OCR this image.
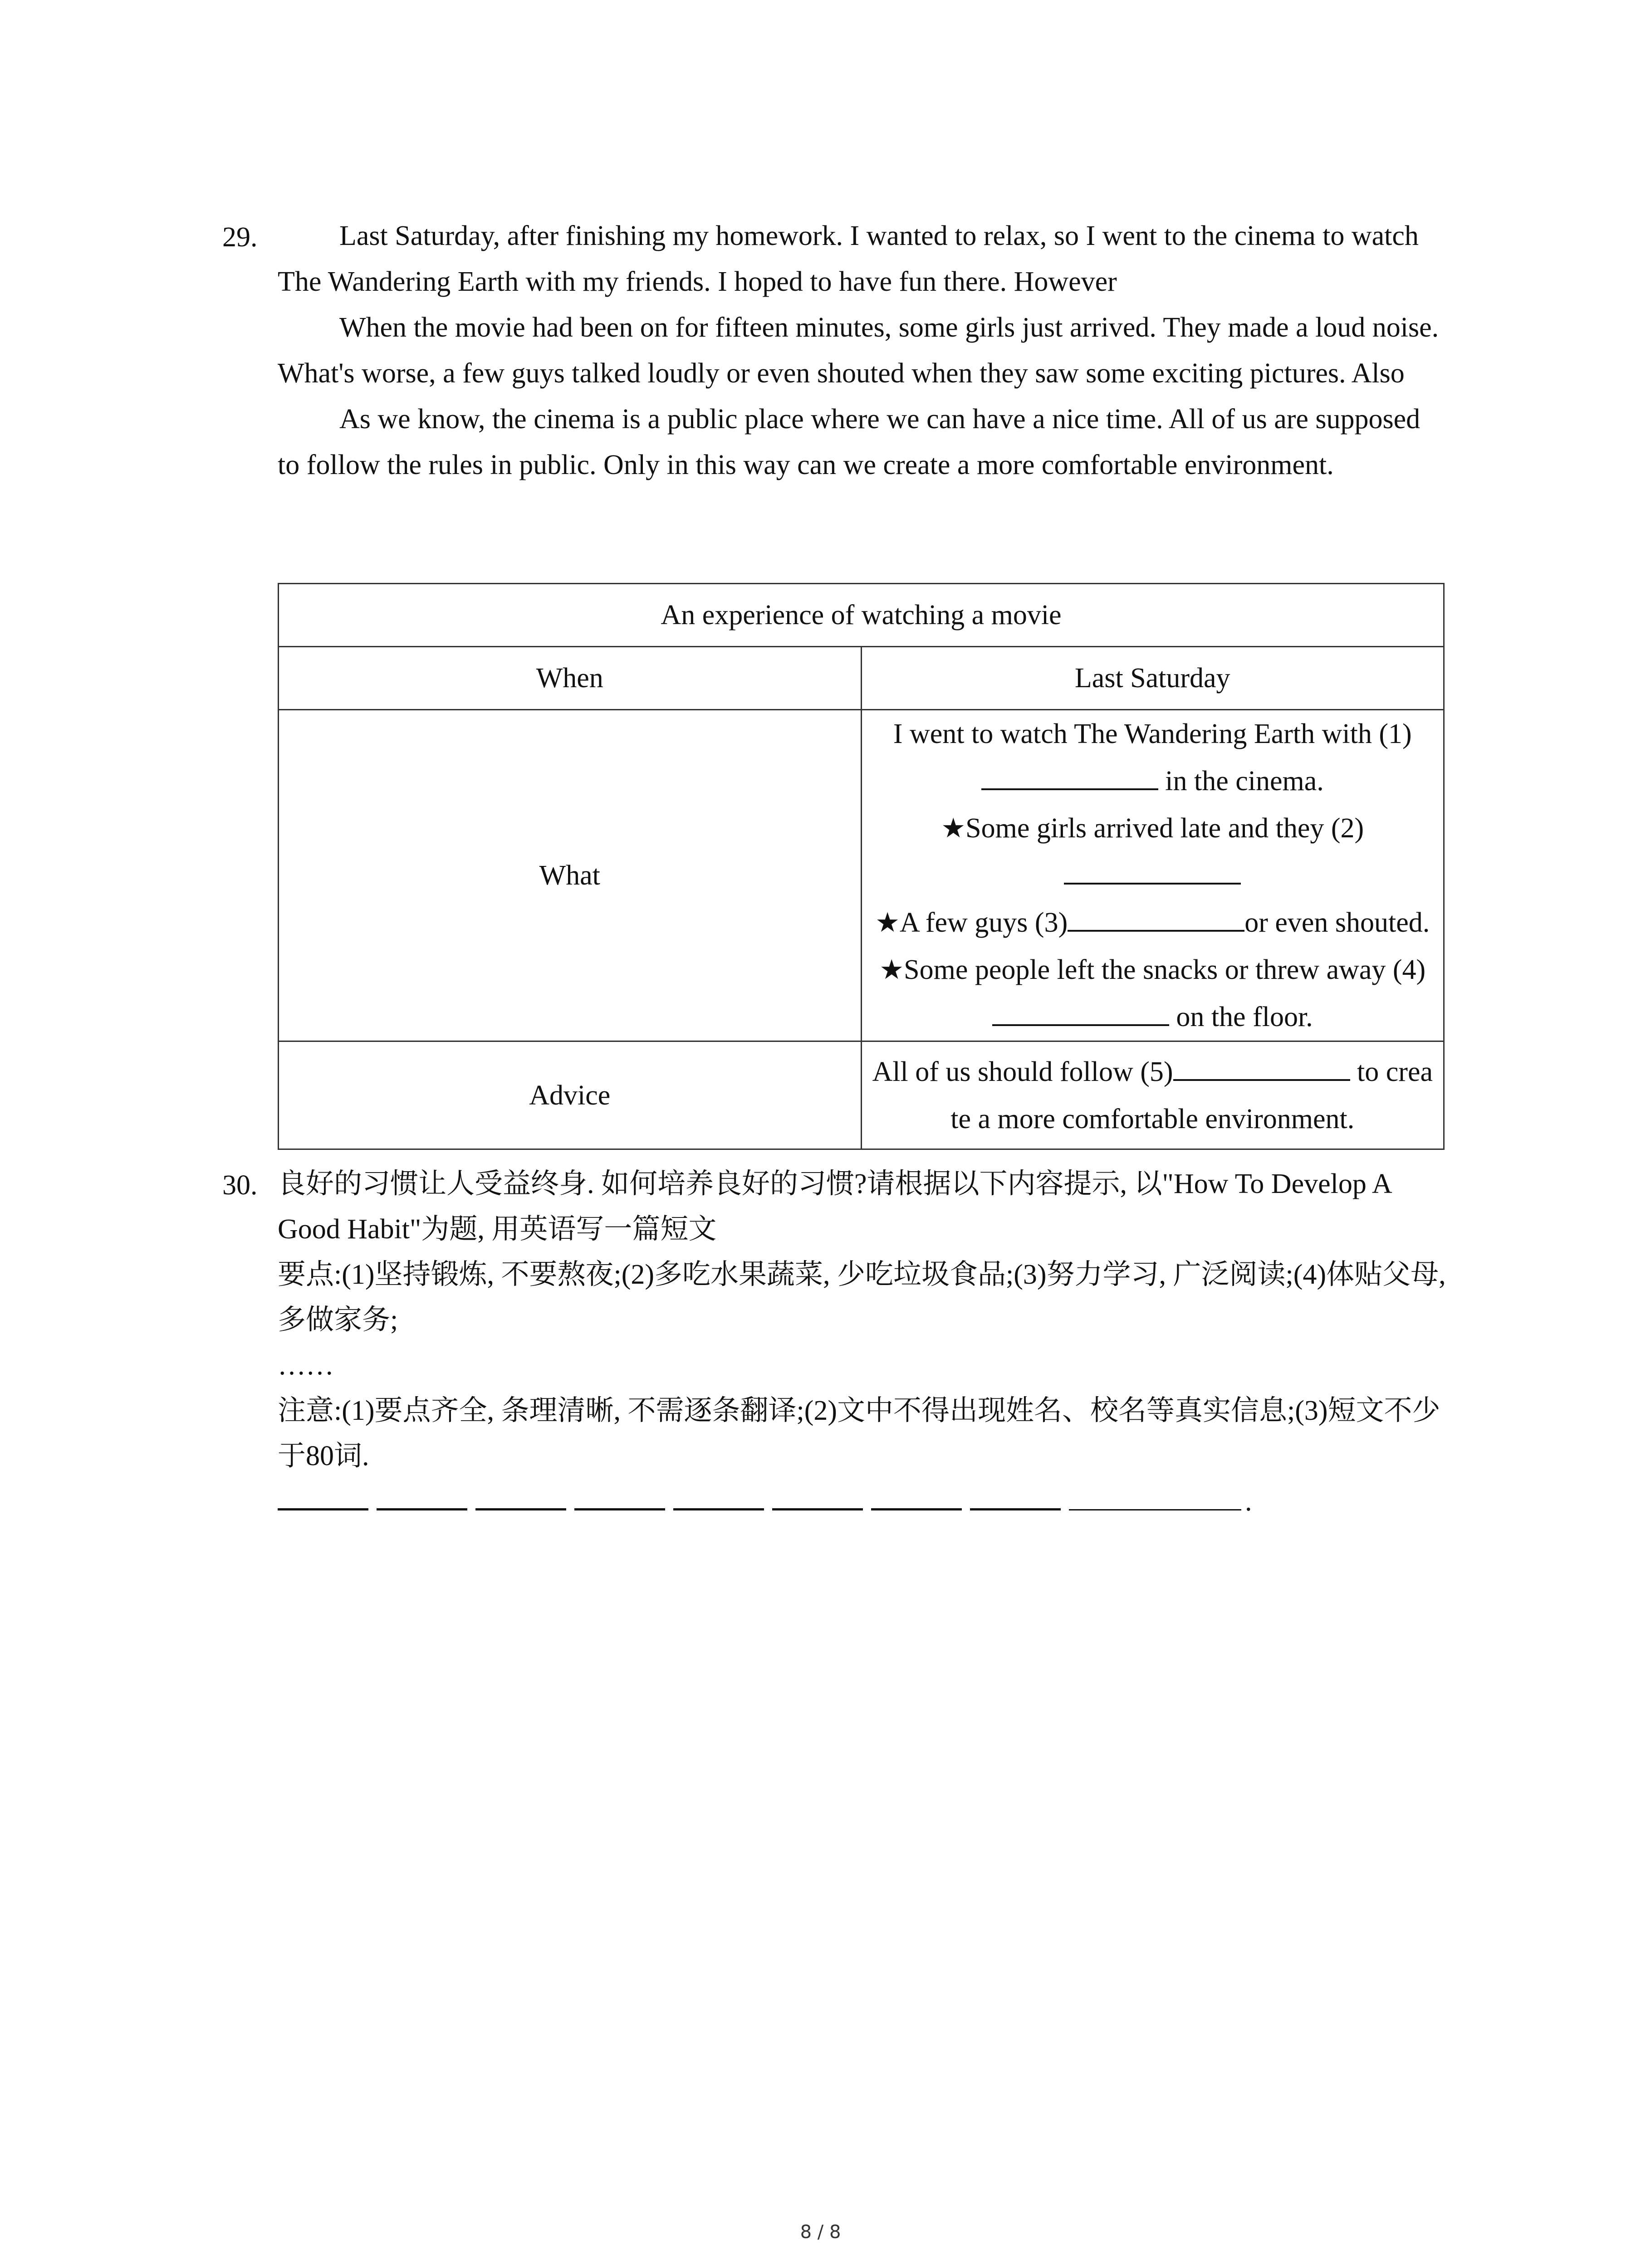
29.	Last Saturday, after finishing my homework. I wanted to relax, so I went to the cinema to watch The Wandering Earth with my friends. I hoped to have fun there. However

When the movie had been on for fifteen minutes, some girls just arrived. They made a loud noise. What's worse, a few guys talked loudly or even shouted when they saw some exciting pictures. Also

As we know, the cinema is a public place where we can have a nice time. All of us are supposed to follow the rules in public. Only in this way can we create a more comfortable environment.

An experience of watching a movie	
When	Last Saturday
What	I went to watch The Wandering Earth with (1) in the cinema.
★Some girls arrived late and they (2)
★A few guys (3) or even shouted.
★Some people left the snacks or threw away (4) on the floor.

Advice	All of us should follow (5) to create a more comfortable environment.
30. 良好的习惯让人受益终身. 如何培养良好的习惯?请根据以下内容提示, 以"How To Develop A Good Habit"为题, 用英语写一篇短文

要点:(1)坚持锻炼, 不要熬夜;(2)多吃水果蔬菜, 少吃垃圾食品;(3)努力学习, 广泛阅读;(4)体贴父母, 多做家务;

……

注意:(1)要点齐全, 条理清晰, 不需逐条翻译;(2)文中不得出现姓名、校名等真实信息;(3)短文不少于80词.

.
8 / 8
